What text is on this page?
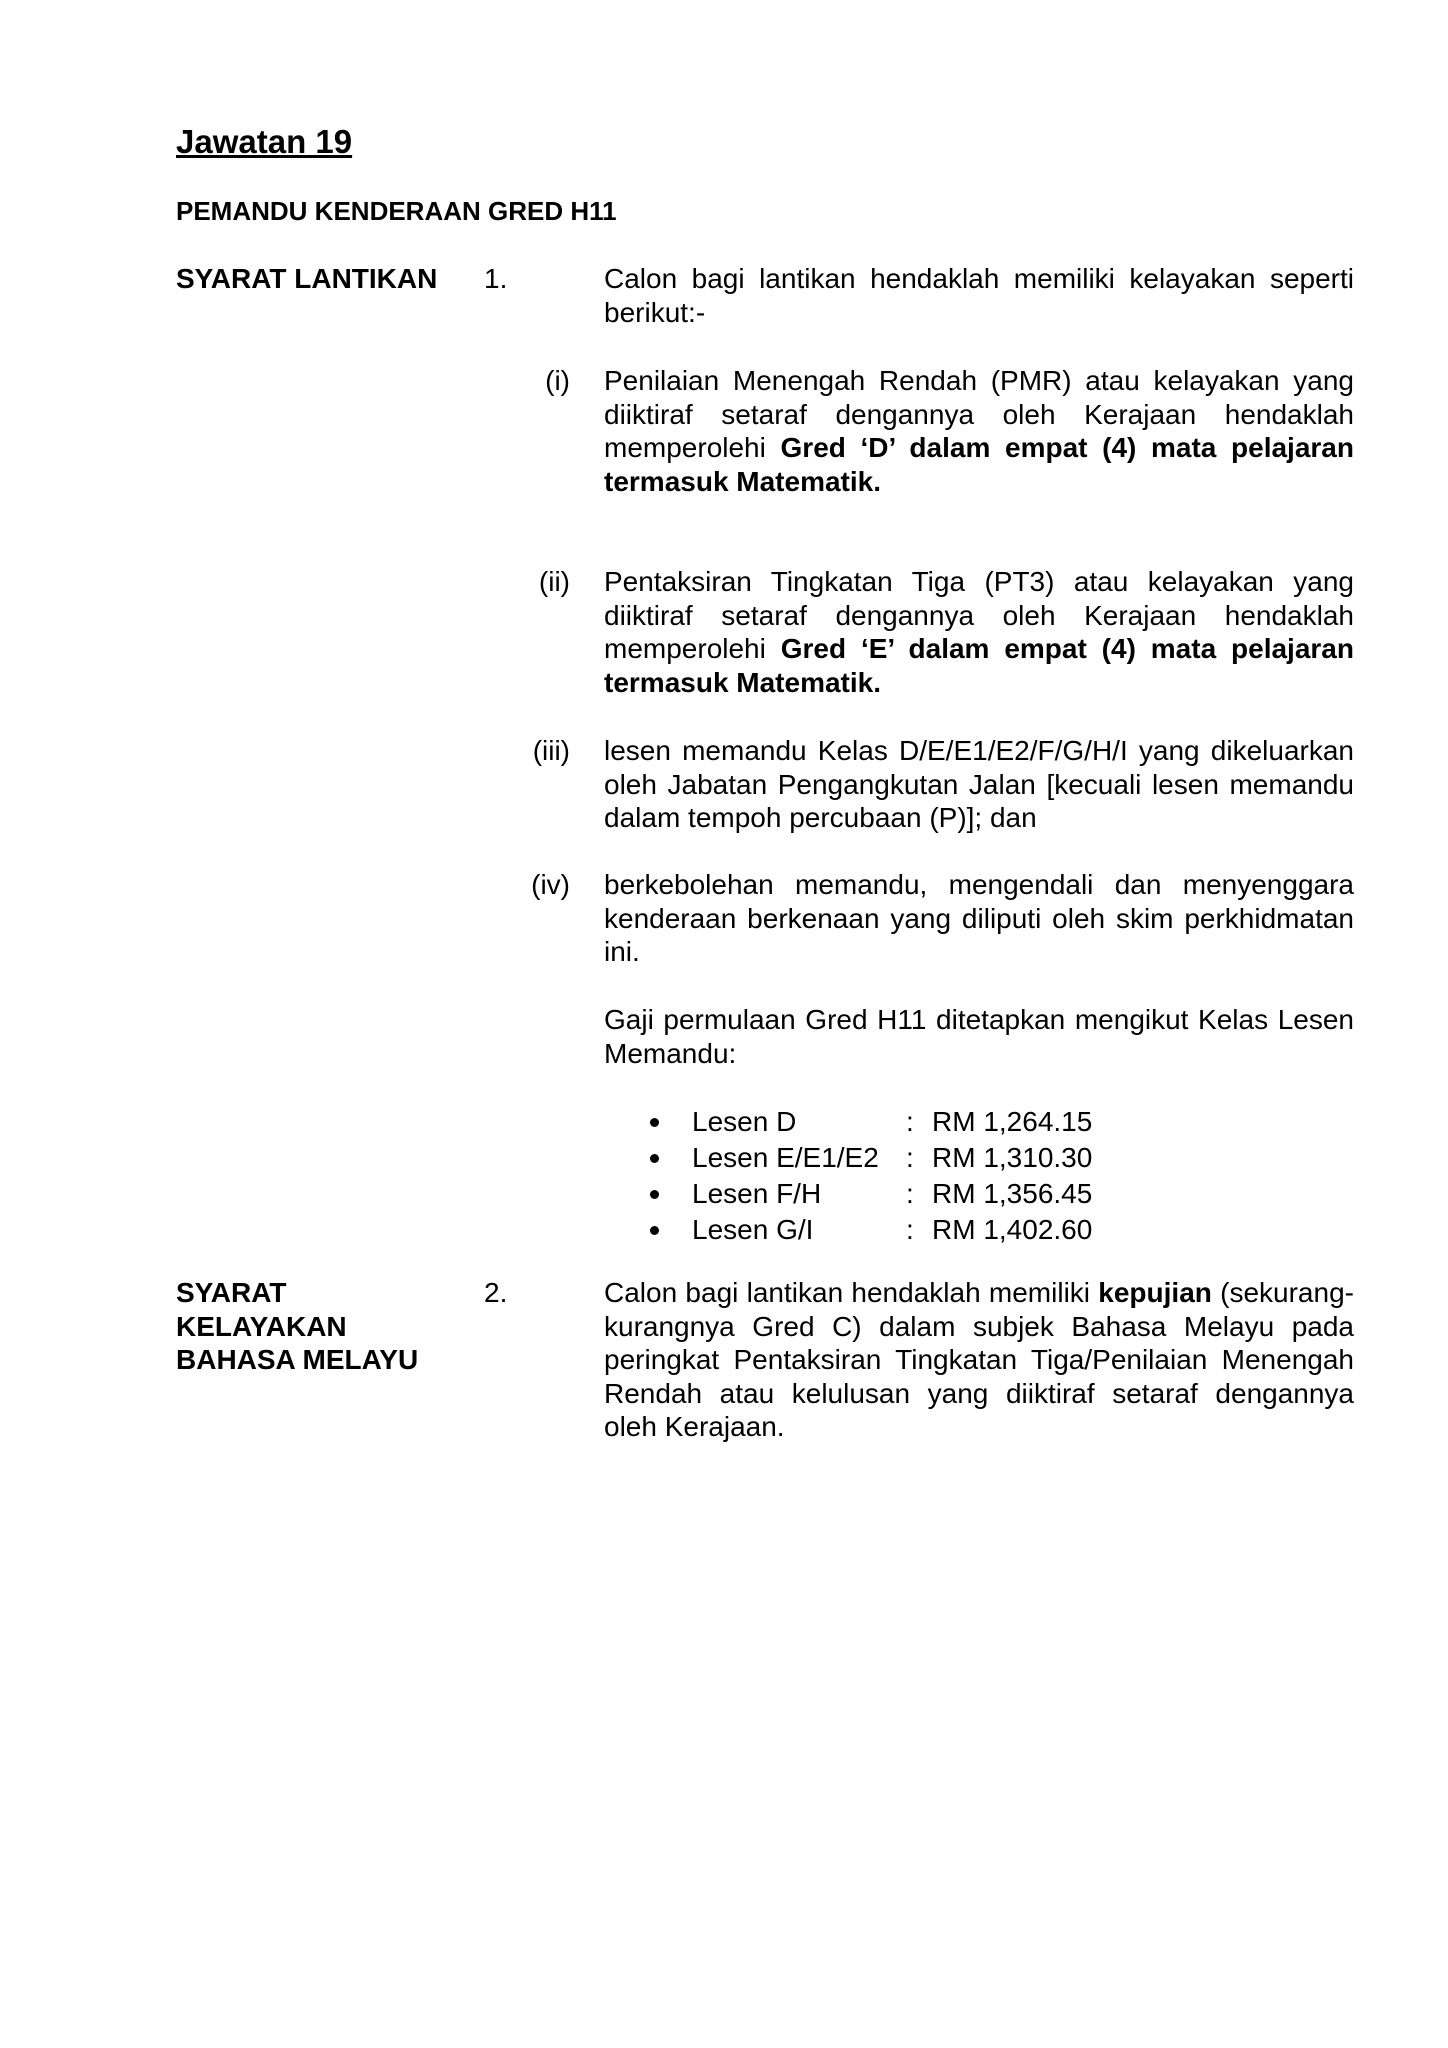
Jawatan 19
PEMANDU KENDERAAN GRED H11
SYARAT LANTIKAN 1.	Calon bagi lantikan hendaklah memiliki kelayakan seperti berikut:-

(i) Penilaian Menengah Rendah (PMR) atau kelayakan yang diiktiraf setaraf dengannya oleh Kerajaan hendaklah memperolehi Gred ‘D’ dalam empat (4) mata pelajaran termasuk Matematik.

(ii) Pentaksiran Tingkatan Tiga (PT3) atau kelayakan yang diiktiraf setaraf dengannya oleh Kerajaan hendaklah memperolehi Gred ‘E’ dalam empat (4) mata pelajaran termasuk Matematik.

(iii) lesen memandu Kelas D/E/E1/E2/F/G/H/I yang dikeluarkan oleh Jabatan Pengangkutan Jalan [kecuali lesen memandu dalam tempoh percubaan (P)]; dan

(iv) berkebolehan memandu, mengendali dan menyenggara kenderaan berkenaan yang diliputi oleh skim perkhidmatan ini.

Gaji permulaan Gred H11 ditetapkan mengikut Kelas Lesen Memandu:

Lesen D	: RM 1,264.15
Lesen E/E1/E2 : RM 1,310.30
Lesen F/H	: RM 1,356.45
Lesen G/I	: RM 1,402.60
SYARAT
KELAYAKAN
BAHASA MELAYU
2.	Calon bagi lantikan hendaklah memiliki kepujian (sekurang-kurangnya Gred C) dalam subjek Bahasa Melayu pada peringkat Pentaksiran Tingkatan Tiga/Penilaian Menengah Rendah atau kelulusan yang diiktiraf setaraf dengannya oleh Kerajaan.
